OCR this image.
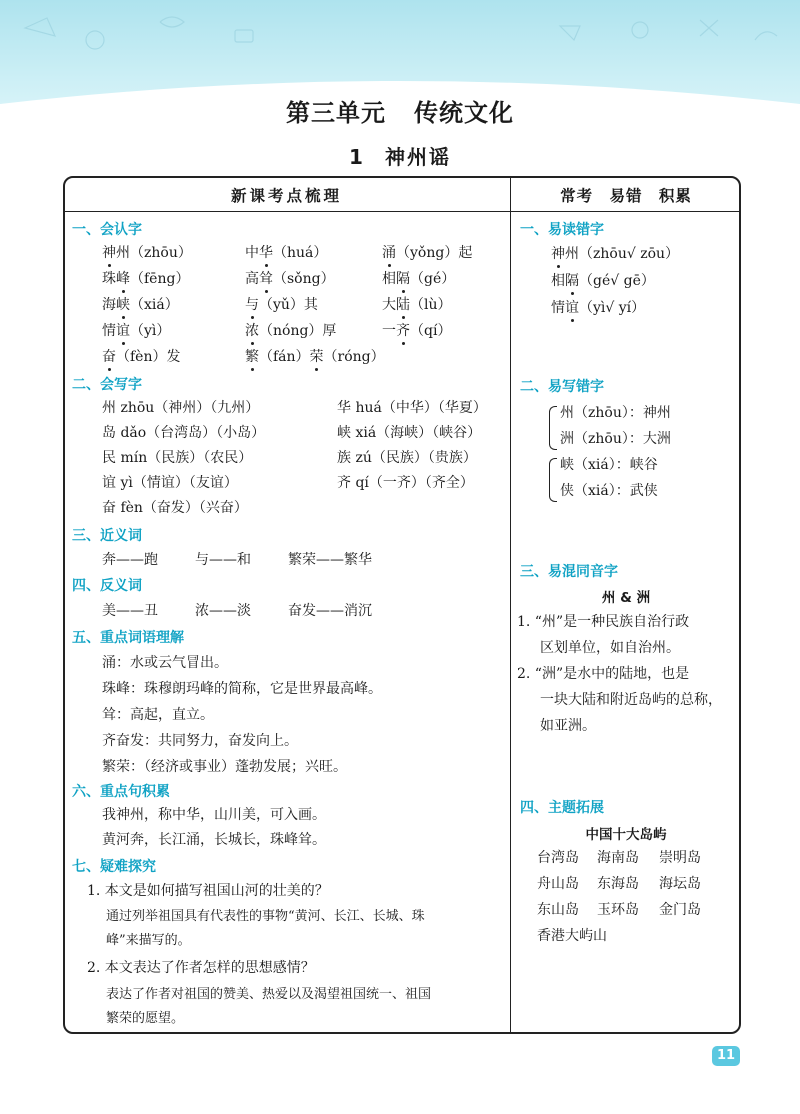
第三单元 传统文化
1 神州谣
新课考点梳理	常考 易错 积累
一、会认字
神州（zhōu）	中华（huá）	涌（yǒng）起
珠峰（fēng）	高耸（sǒng）	相隔（gé）
海峡（xiá）	与（yǔ）其	大陆（lù）
情谊（yì）	浓（nóng）厚	一齐（qí）
奋（fèn）发	繁（fán）荣（róng）
二、会写字
州 zhōu（神州）（九州）	华 huá（中华）（华夏）
岛 dǎo（台湾岛）（小岛）	峡 xiá（海峡）（峡谷）
民 mín（民族）（农民）	族 zú（民族）（贵族）
谊 yì（情谊）（友谊）	齐 qí（一齐）（齐全）
奋 fèn（奋发）（兴奋）
三、近义词
奔——跑	与——和	繁荣——繁华
四、反义词
美——丑	浓——淡	奋发——消沉
五、重点词语理解
涌：水或云气冒出。
珠峰：珠穆朗玛峰的简称，它是世界最高峰。
耸：高起，直立。
齐奋发：共同努力，奋发向上。
繁荣：（经济或事业）蓬勃发展；兴旺。
六、重点句积累
我神州，称中华，山川美，可入画。
黄河奔，长江涌，长城长，珠峰耸。
七、疑难探究
1. 本文是如何描写祖国山河的壮美的？
通过列举祖国具有代表性的事物“黄河、长江、长城、珠
峰”来描写的。
2. 本文表达了作者怎样的思想感情？
表达了作者对祖国的赞美、热爱以及渴望祖国统一、祖国
繁荣的愿望。
一、易读错字
神州（zhōu√ zōu）
相隔（gé√ gē）
情谊（yì√ yí）
二、易写错字
州（zhōu）：神州
洲（zhōu）：大洲
峡（xiá）：峡谷
侠（xiá）：武侠
三、易混同音字
州 & 洲
1. “州”是一种民族自治行政
区划单位，如自治州。
2. “洲”是水中的陆地，也是
一块大陆和附近岛屿的总称，
如亚洲。
四、主题拓展
中国十大岛屿
台湾岛 海南岛 崇明岛
舟山岛 东海岛 海坛岛
东山岛 玉环岛 金门岛
香港大屿山
11
